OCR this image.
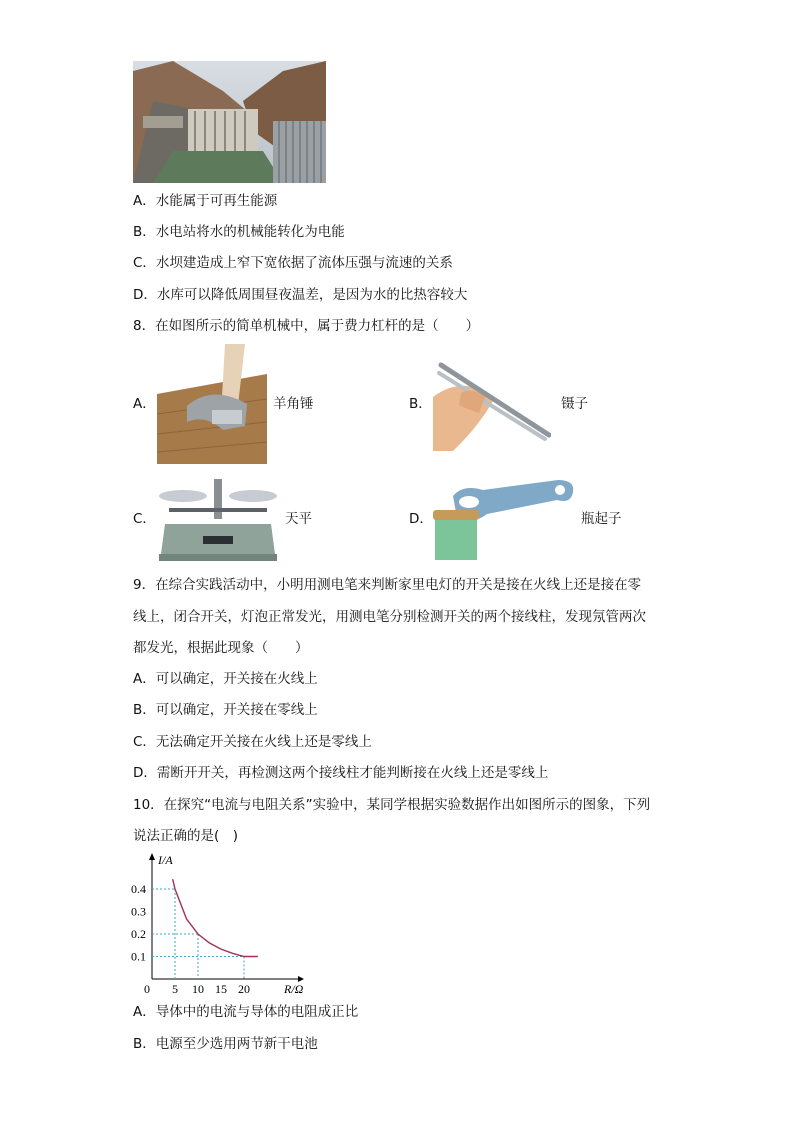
A．水能属于可再生能源
B．水电站将水的机械能转化为电能
C．水坝建造成上窄下宽依据了流体压强与流速的关系
D．水库可以降低周围昼夜温差，是因为水的比热容较大
8．在如图所示的简单机械中，属于费力杠杆的是（　　）
A．	羊角锤	B．	镊子
C．	天平	D．	瓶起子
9．在综合实践活动中，小明用测电笔来判断家里电灯的开关是接在火线上还是接在零
线上，闭合开关，灯泡正常发光，用测电笔分别检测开关的两个接线柱，发现氖管两次
都发光，根据此现象（　　）
A．可以确定，开关接在火线上
B．可以确定，开关接在零线上
C．无法确定开关接在火线上还是零线上
D．需断开开关，再检测这两个接线柱才能判断接在火线上还是零线上
10．在探究“电流与电阻关系”实验中，某同学根据实验数据作出如图所示的图象，下列
说法正确的是(　)
0 5 10 15 20
0.1
0.2
0.3
0.4
I/A
R/Ω
A．导体中的电流与导体的电阻成正比
B．电源至少选用两节新干电池
